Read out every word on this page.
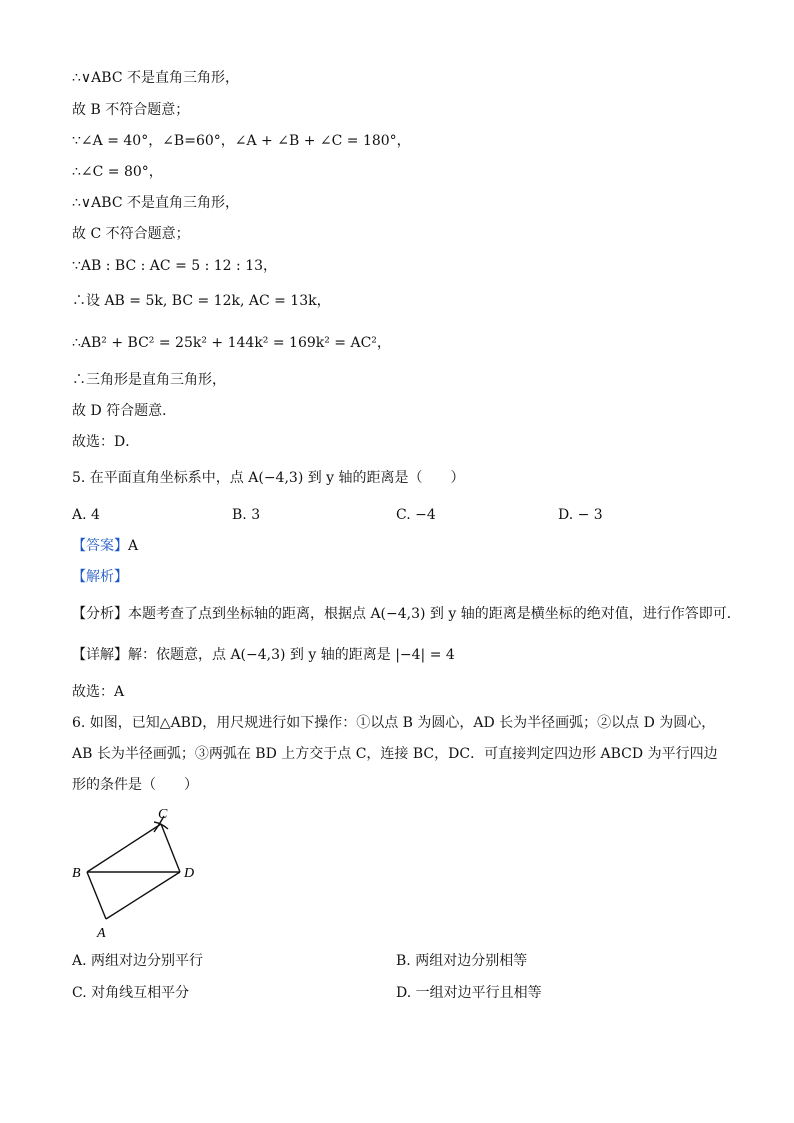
∴∨ABC 不是直角三角形，
故 B 不符合题意；
∵∠A = 40°，∠B=60°，∠A + ∠B + ∠C = 180°，
∴∠C = 80°，
∴∨ABC 不是直角三角形，
故 C 不符合题意；
∵AB : BC : AC = 5 : 12 : 13，
∴设 AB = 5k, BC = 12k, AC = 13k，
∴AB² + BC² = 25k² + 144k² = 169k² = AC²，
∴三角形是直角三角形，
故 D 符合题意．
故选：D．
5. 在平面直角坐标系中，点 A(−4,3) 到 y 轴的距离是（　　）
A. 4	B. 3	C. −4	D. − 3
【答案】A
【解析】
【分析】本题考查了点到坐标轴的距离，根据点 A(−4,3) 到 y 轴的距离是横坐标的绝对值，进行作答即可．
【详解】解：依题意，点 A(−4,3) 到 y 轴的距离是 |−4| = 4
故选：A
6. 如图，已知△ABD，用尺规进行如下操作：①以点 B 为圆心，AD 长为半径画弧；②以点 D 为圆心，
AB 长为半径画弧；③两弧在 BD 上方交于点 C，连接 BC，DC．可直接判定四边形 ABCD 为平行四边
形的条件是（　　）
C
B	D
A
A. 两组对边分别平行	B. 两组对边分别相等
C. 对角线互相平分	D. 一组对边平行且相等
